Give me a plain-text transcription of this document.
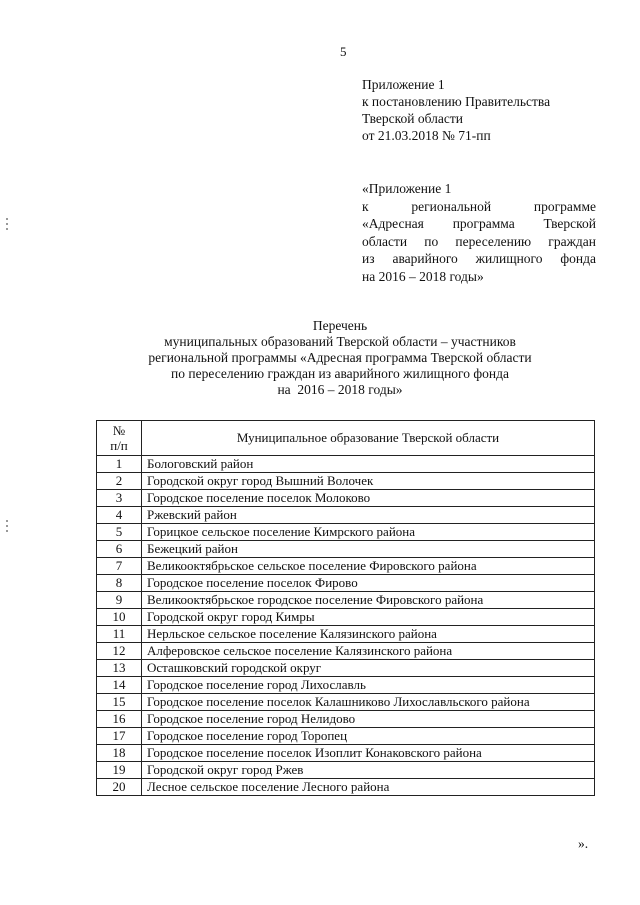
5
Приложение 1
к постановлению Правительства
Тверской области
от 21.03.2018 № 71-пп
«Приложение 1
к региональной программе
«Адресная программа Тверской
области по переселению граждан
из аварийного жилищного фонда
на 2016 – 2018 годы»
Перечень
муниципальных образований Тверской области – участников
региональной программы «Адресная программа Тверской области
по переселению граждан из аварийного жилищного фонда
на  2016 – 2018 годы»
№
п/п	Муниципальное образование Тверской области
1	Бологовский район
2	Городской округ город Вышний Волочек
3	Городское поселение поселок Молоково
4	Ржевский район
5	Горицкое сельское поселение Кимрского района
6	Бежецкий район
7	Великооктябрьское сельское поселение Фировского района
8	Городское поселение поселок Фирово
9	Великооктябрьское городское поселение Фировского района
10	Городской округ город Кимры
11	Нерльское сельское поселение Калязинского района
12	Алферовское сельское поселение Калязинского района
13	Осташковский городской округ
14	Городское поселение город Лихославль
15	Городское поселение поселок Калашниково Лихославльского района
16	Городское поселение город Нелидово
17	Городское поселение город Торопец
18	Городское поселение поселок Изоплит Конаковского района
19	Городской округ город Ржев
20	Лесное сельское поселение Лесного района
».
